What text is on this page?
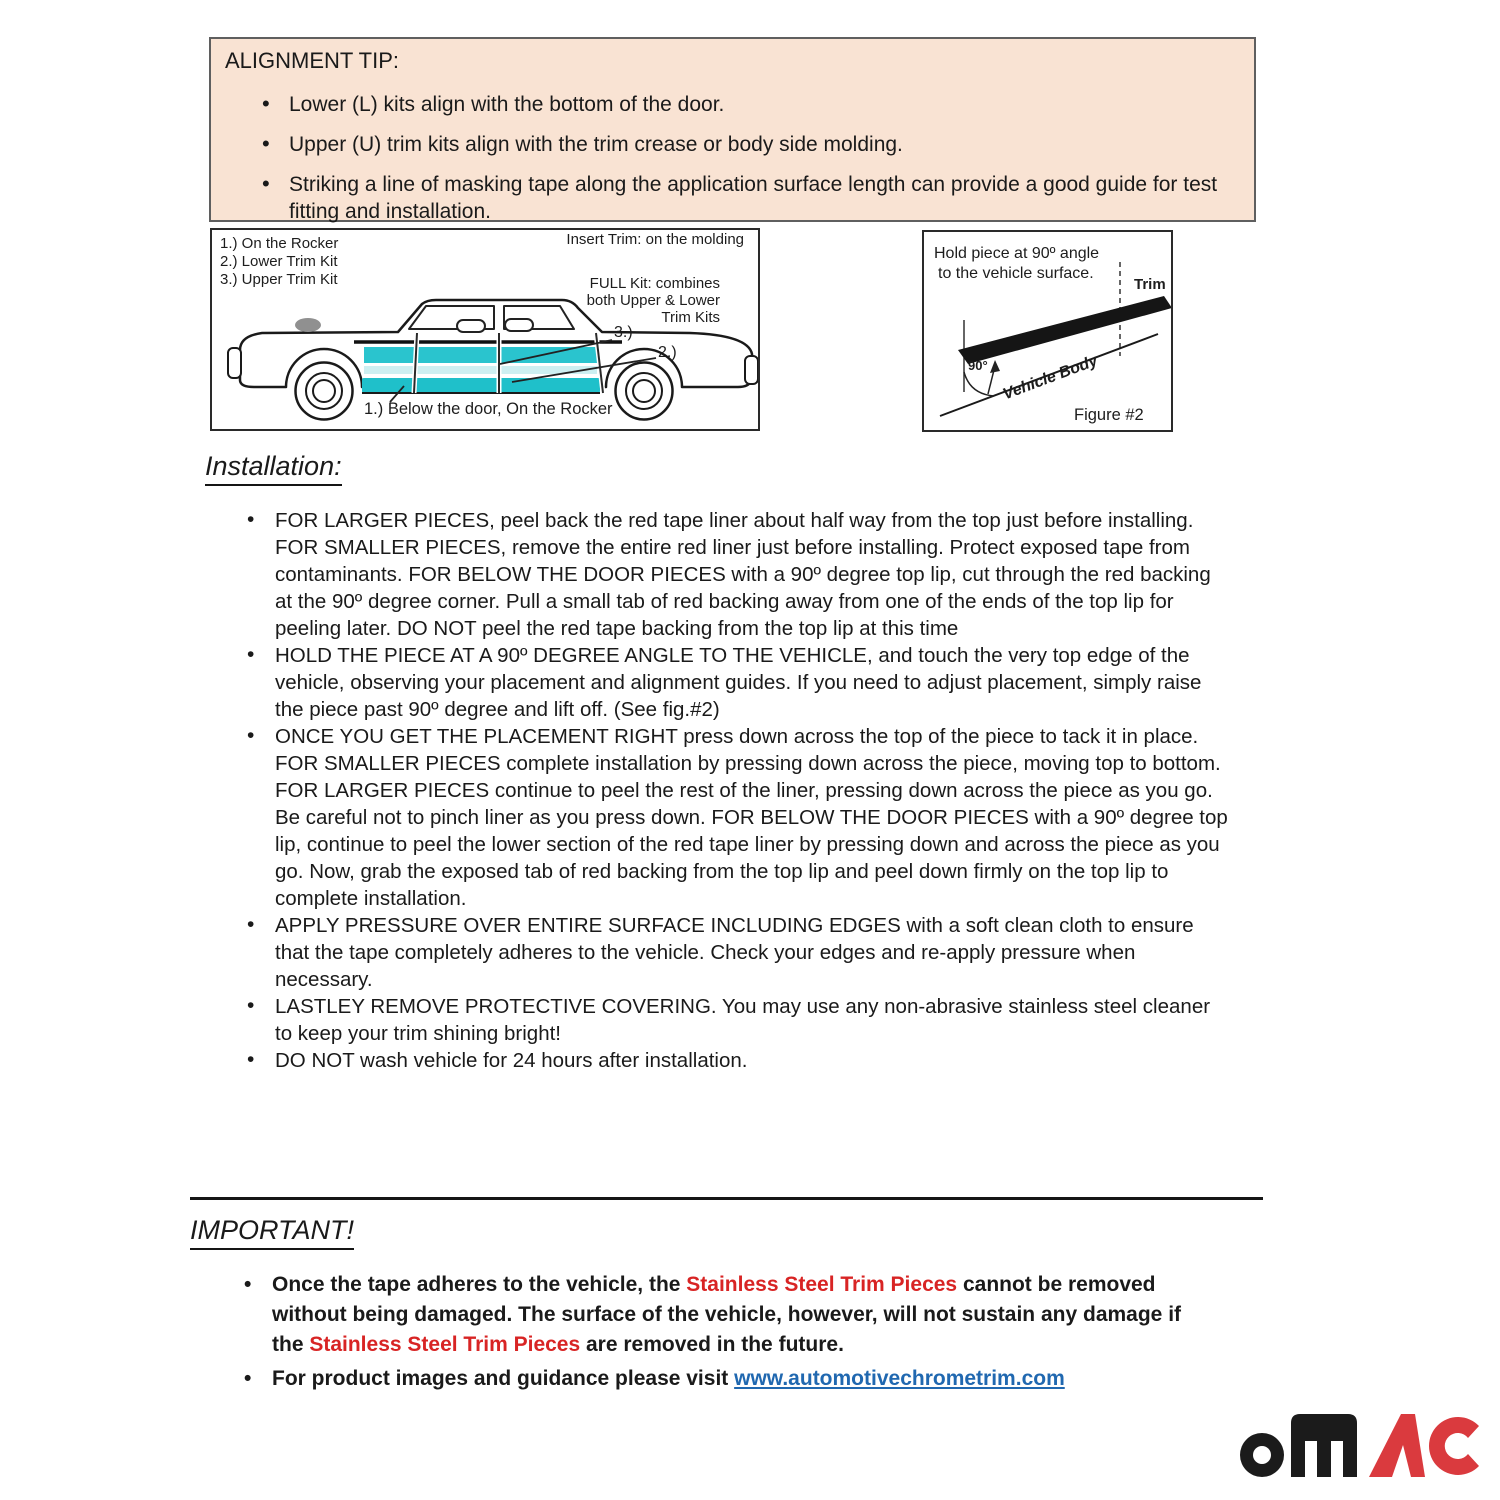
ALIGNMENT TIP:
• Lower (L) kits align with the bottom of the door.
• Upper (U) trim kits align with the trim crease or body side molding.
• Striking a line of masking tape along the application surface length can provide a good guide for test fitting and installation.
1.) On the Rocker
2.) Lower Trim Kit
3.) Upper Trim Kit
Insert Trim: on the molding
FULL Kit: combines
both Upper & Lower
Trim Kits
3.)
2.)
1.) Below the door, On the Rocker
Hold piece at 90º angle
to the vehicle surface.
Trim
Vehicle Body
90°
Figure #2
Installation:
• FOR LARGER PIECES, peel back the red tape liner about half way from the top just before installing. FOR SMALLER PIECES, remove the entire red liner just before installing. Protect exposed tape from contaminants. FOR BELOW THE DOOR PIECES with a 90º degree top lip, cut through the red backing at the 90º degree corner. Pull a small tab of red backing away from one of the ends of the top lip for peeling later. DO NOT peel the red tape backing from the top lip at this time
• HOLD THE PIECE AT A 90º DEGREE ANGLE TO THE VEHICLE, and touch the very top edge of the vehicle, observing your placement and alignment guides. If you need to adjust placement, simply raise the piece past 90º degree and lift off. (See fig.#2)
• ONCE YOU GET THE PLACEMENT RIGHT press down across the top of the piece to tack it in place. FOR SMALLER PIECES complete installation by pressing down across the piece, moving top to bottom. FOR LARGER PIECES continue to peel the rest of the liner, pressing down across the piece as you go. Be careful not to pinch liner as you press down. FOR BELOW THE DOOR PIECES with a 90º degree top lip, continue to peel the lower section of the red tape liner by pressing down and across the piece as you go. Now, grab the exposed tab of red backing from the top lip and peel down firmly on the top lip to complete installation.
• APPLY PRESSURE OVER ENTIRE SURFACE INCLUDING EDGES with a soft clean cloth to ensure that the tape completely adheres to the vehicle. Check your edges and re-apply pressure when necessary.
• LASTLEY REMOVE PROTECTIVE COVERING. You may use any non-abrasive stainless steel cleaner to keep your trim shining bright!
• DO NOT wash vehicle for 24 hours after installation.
IMPORTANT!
• Once the tape adheres to the vehicle, the Stainless Steel Trim Pieces cannot be removed without being damaged. The surface of the vehicle, however, will not sustain any damage if the Stainless Steel Trim Pieces are removed in the future.
• For product images and guidance please visit www.automotivechrometrim.com
